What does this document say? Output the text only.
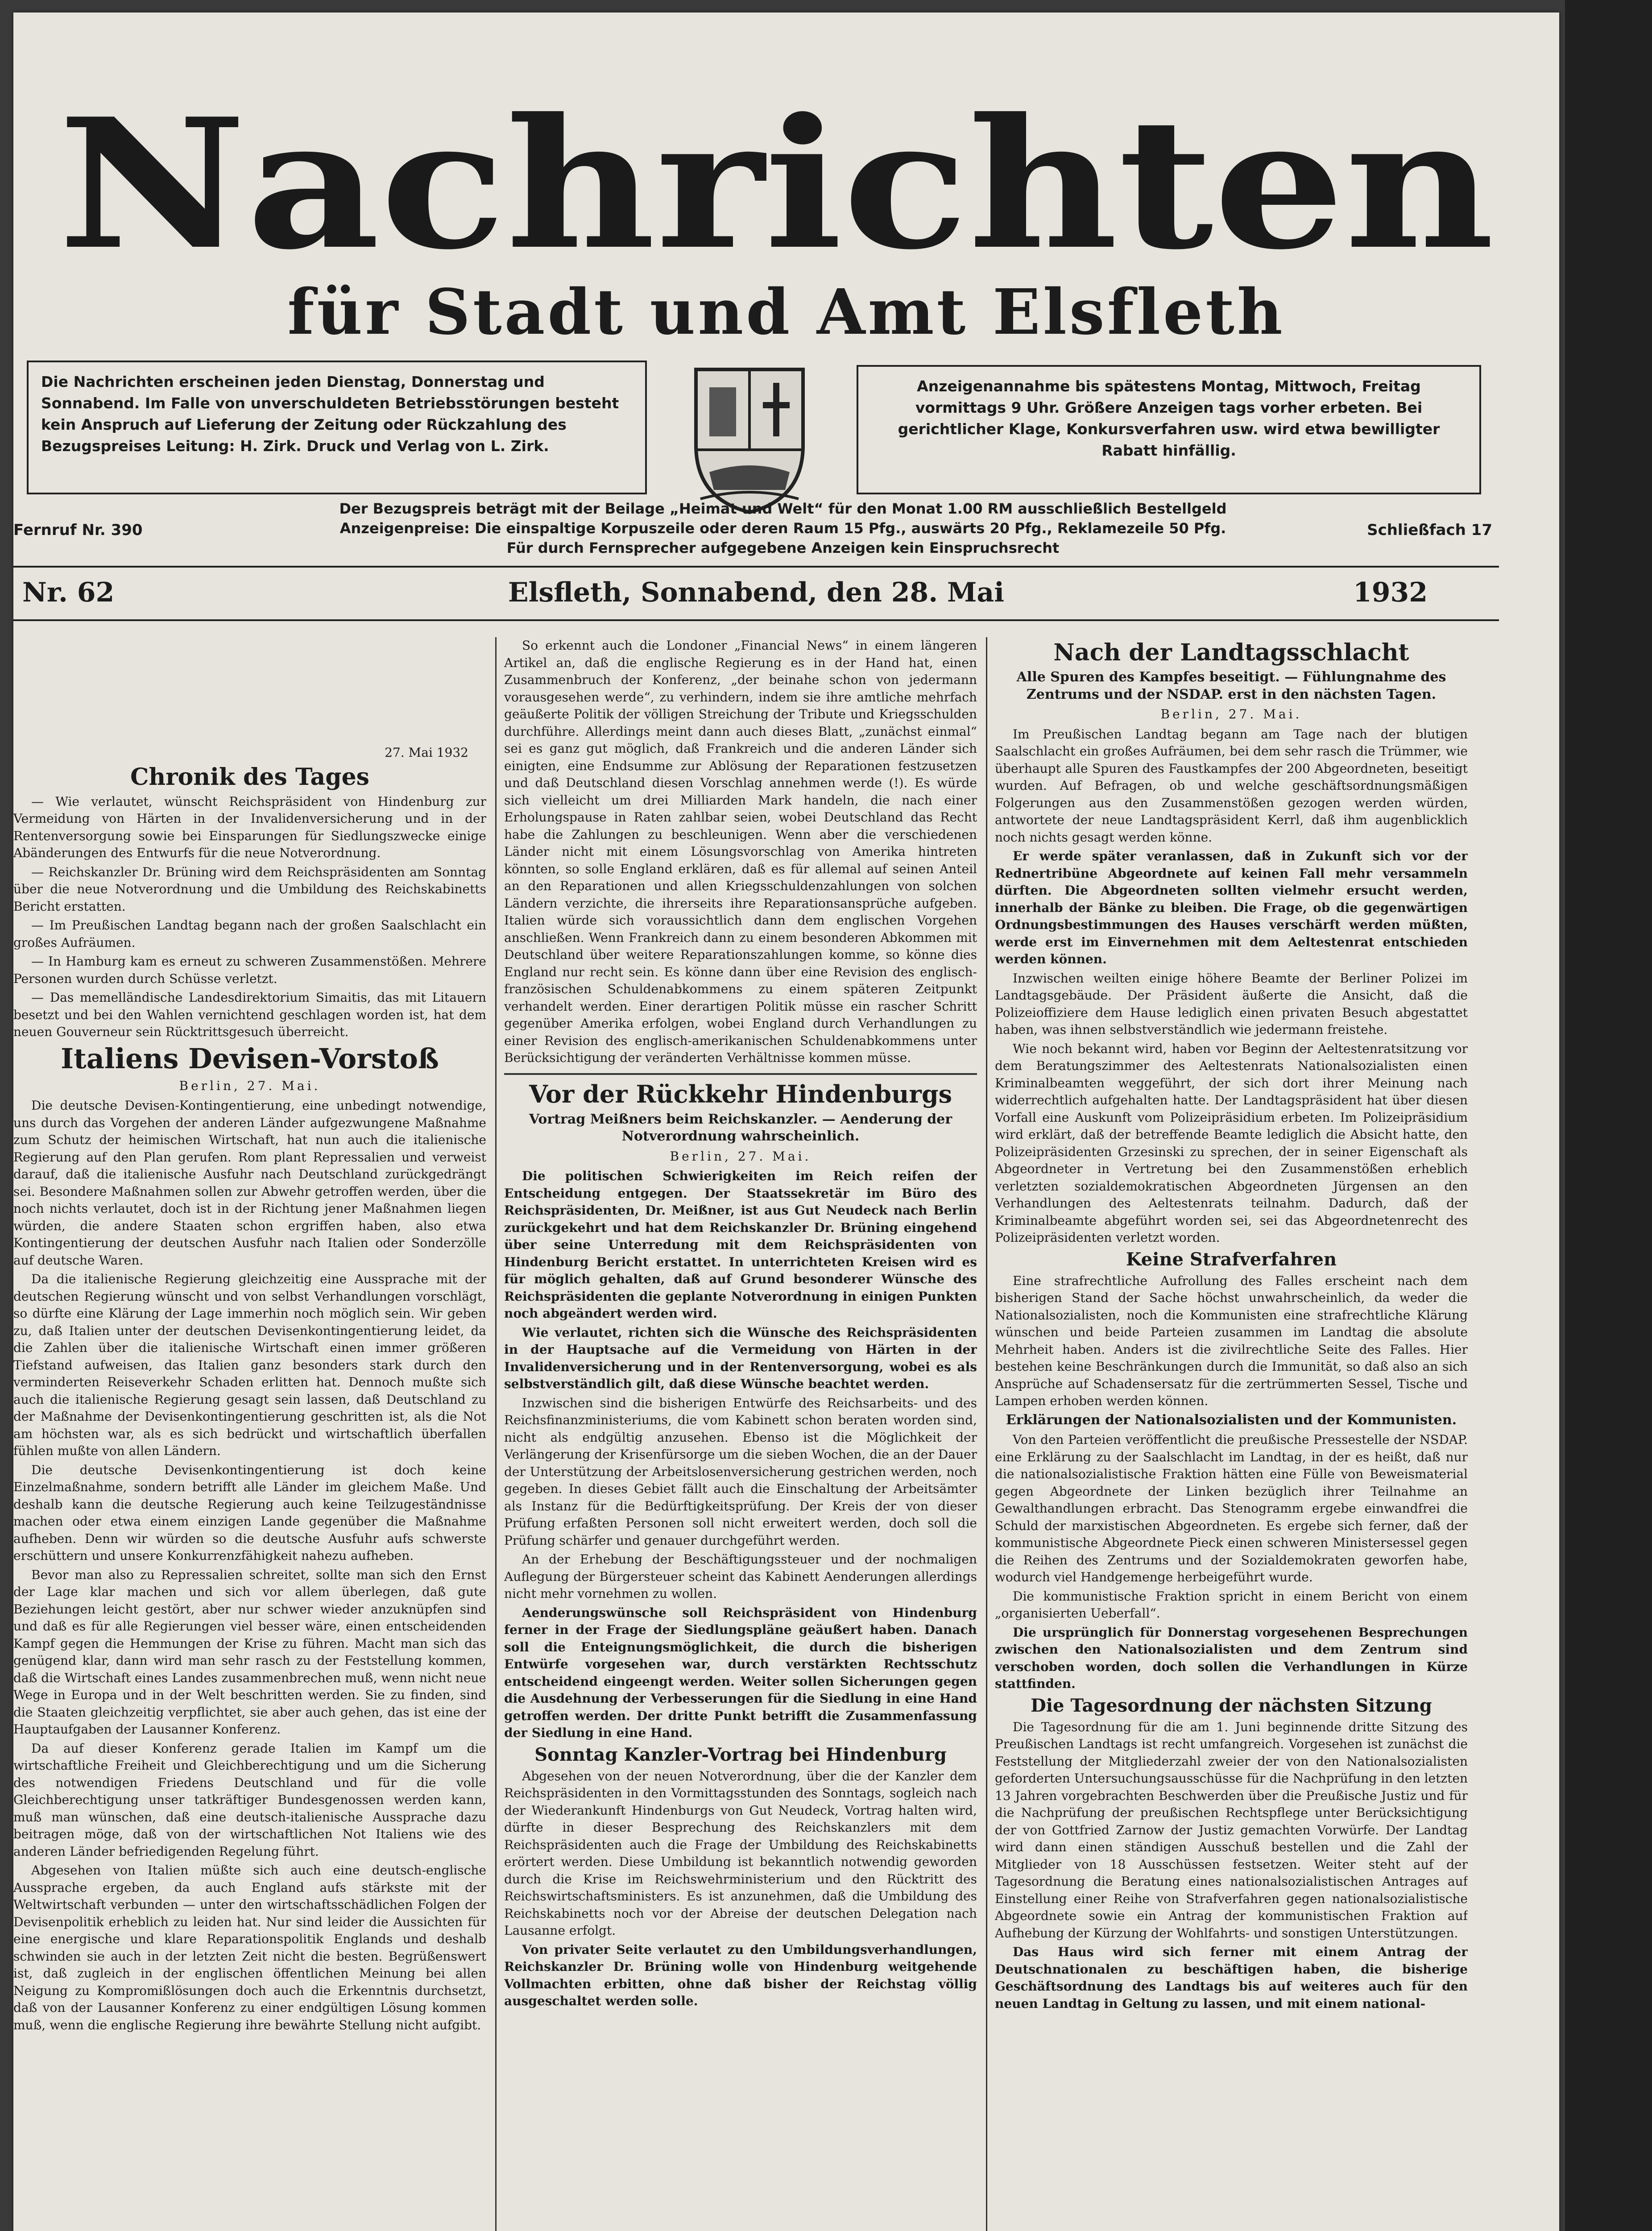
Nachrichten
für Stadt und Amt Elsfleth
Die Nachrichten erscheinen jeden Dienstag, Donnerstag und Sonnabend. Im Falle von unverschuldeten Betriebsstörungen besteht kein Anspruch auf Lieferung der Zeitung oder Rückzahlung des Bezugspreises Leitung: H. Zirk. Druck und Verlag von L. Zirk.
Anzeigenannahme bis spätestens Montag, Mittwoch, Freitag vormittags 9 Uhr. Größere Anzeigen tags vorher erbeten. Bei gerichtlicher Klage, Konkursverfahren usw. wird etwa bewilligter Rabatt hinfällig.
Der Bezugspreis beträgt mit der Beilage „Heimat und Welt“ für den Monat 1.00 RM ausschließlich Bestellgeld
Anzeigenpreise: Die einspaltige Korpuszeile oder deren Raum 15 Pfg., auswärts 20 Pfg., Reklamezeile 50 Pfg.
Für durch Fernsprecher aufgegebene Anzeigen kein Einspruchsrecht
Fernruf Nr. 390	Schließfach 17
Nr. 62	Elsfleth, Sonnabend, den 28. Mai	1932
27. Mai 1932
Chronik des Tages

— Wie verlautet, wünscht Reichspräsident von Hindenburg zur Vermeidung von Härten in der Invalidenversicherung und in der Rentenversorgung sowie bei Einsparungen für Siedlungszwecke einige Abänderungen des Entwurfs für die neue Notverordnung.

— Reichskanzler Dr. Brüning wird dem Reichspräsidenten am Sonntag über die neue Notverordnung und die Umbildung des Reichskabinetts Bericht erstatten.

— Im Preußischen Landtag begann nach der großen Saalschlacht ein großes Aufräumen.

— In Hamburg kam es erneut zu schweren Zusammenstößen. Mehrere Personen wurden durch Schüsse verletzt.

— Das memelländische Landesdirektorium Simaitis, das mit Litauern besetzt und bei den Wahlen vernichtend geschlagen worden ist, hat dem neuen Gouverneur sein Rücktrittsgesuch überreicht.

Italiens Devisen-Vorstoß
Berlin, 27. Mai.

Die deutsche Devisen-Kontingentierung, eine unbedingt notwendige, uns durch das Vorgehen der anderen Länder aufgezwungene Maßnahme zum Schutz der heimischen Wirtschaft, hat nun auch die italienische Regierung auf den Plan gerufen. Rom plant Repressalien und verweist darauf, daß die italienische Ausfuhr nach Deutschland zurückgedrängt sei. Besondere Maßnahmen sollen zur Abwehr getroffen werden, über die noch nichts verlautet, doch ist in der Richtung jener Maßnahmen liegen würden, die andere Staaten schon ergriffen haben, also etwa Kontingentierung der deutschen Ausfuhr nach Italien oder Sonderzölle auf deutsche Waren.

Da die italienische Regierung gleichzeitig eine Aussprache mit der deutschen Regierung wünscht und von selbst Verhandlungen vorschlägt, so dürfte eine Klärung der Lage immerhin noch möglich sein. Wir geben zu, daß Italien unter der deutschen Devisenkontingentierung leidet, da die Zahlen über die italienische Wirtschaft einen immer größeren Tiefstand aufweisen, das Italien ganz besonders stark durch den verminderten Reiseverkehr Schaden erlitten hat. Dennoch mußte sich auch die italienische Regierung gesagt sein lassen, daß Deutschland zu der Maßnahme der Devisenkontingentierung geschritten ist, als die Not am höchsten war, als es sich bedrückt und wirtschaftlich überfallen fühlen mußte von allen Ländern.

Die deutsche Devisenkontingentierung ist doch keine Einzelmaßnahme, sondern betrifft alle Länder im gleichem Maße. Und deshalb kann die deutsche Regierung auch keine Teilzugeständnisse machen oder etwa einem einzigen Lande gegenüber die Maßnahme aufheben. Denn wir würden so die deutsche Ausfuhr aufs schwerste erschüttern und unsere Konkurrenzfähigkeit nahezu aufheben.

Bevor man also zu Repressalien schreitet, sollte man sich den Ernst der Lage klar machen und sich vor allem überlegen, daß gute Beziehungen leicht gestört, aber nur schwer wieder anzuknüpfen sind und daß es für alle Regierungen viel besser wäre, einen entscheidenden Kampf gegen die Hemmungen der Krise zu führen. Macht man sich das genügend klar, dann wird man sehr rasch zu der Feststellung kommen, daß die Wirtschaft eines Landes zusammenbrechen muß, wenn nicht neue Wege in Europa und in der Welt beschritten werden. Sie zu finden, sind die Staaten gleichzeitig verpflichtet, sie aber auch gehen, das ist eine der Hauptaufgaben der Lausanner Konferenz.

Da auf dieser Konferenz gerade Italien im Kampf um die wirtschaftliche Freiheit und Gleichberechtigung und um die Sicherung des notwendigen Friedens Deutschland und für die volle Gleichberechtigung unser tatkräftiger Bundesgenossen werden kann, muß man wünschen, daß eine deutsch-italienische Aussprache dazu beitragen möge, daß von der wirtschaftlichen Not Italiens wie des anderen Länder befriedigenden Regelung führt.

Abgesehen von Italien müßte sich auch eine deutsch-englische Aussprache ergeben, da auch England aufs stärkste mit der Weltwirtschaft verbunden — unter den wirtschaftsschädlichen Folgen der Devisenpolitik erheblich zu leiden hat. Nur sind leider die Aussichten für eine energische und klare Reparationspolitik Englands und deshalb schwinden sie auch in der letzten Zeit nicht die besten. Begrüßenswert ist, daß zugleich in der englischen öffentlichen Meinung bei allen Neigung zu Kompromißlösungen doch auch die Erkenntnis durchsetzt, daß von der Lausanner Konferenz zu einer endgültigen Lösung kommen muß, wenn die englische Regierung ihre bewährte Stellung nicht aufgibt.

So erkennt auch die Londoner „Financial News“ in einem längeren Artikel an, daß die englische Regierung es in der Hand hat, einen Zusammenbruch der Konferenz, „der beinahe schon von jedermann vorausgesehen werde“, zu verhindern, indem sie ihre amtliche mehrfach geäußerte Politik der völligen Streichung der Tribute und Kriegsschulden durchführe. Allerdings meint dann auch dieses Blatt, „zunächst einmal“ sei es ganz gut möglich, daß Frankreich und die anderen Länder sich einigten, eine Endsumme zur Ablösung der Reparationen festzusetzen und daß Deutschland diesen Vorschlag annehmen werde (!). Es würde sich vielleicht um drei Milliarden Mark handeln, die nach einer Erholungspause in Raten zahlbar seien, wobei Deutschland das Recht habe die Zahlungen zu beschleunigen. Wenn aber die verschiedenen Länder nicht mit einem Lösungsvorschlag von Amerika hintreten könnten, so solle England erklären, daß es für allemal auf seinen Anteil an den Reparationen und allen Kriegsschuldenzahlungen von solchen Ländern verzichte, die ihrerseits ihre Reparationsansprüche aufgeben. Italien würde sich voraussichtlich dann dem englischen Vorgehen anschließen. Wenn Frankreich dann zu einem besonderen Abkommen mit Deutschland über weitere Reparationszahlungen komme, so könne dies England nur recht sein. Es könne dann über eine Revision des englisch-französischen Schuldenabkommens zu einem späteren Zeitpunkt verhandelt werden. Einer derartigen Politik müsse ein rascher Schritt gegenüber Amerika erfolgen, wobei England durch Verhandlungen zu einer Revision des englisch-amerikanischen Schuldenabkommens unter Berücksichtigung der veränderten Verhältnisse kommen müsse.

Vor der Rückkehr Hindenburgs
Vortrag Meißners beim Reichskanzler. — Aenderung der Notverordnung wahrscheinlich.
Berlin, 27. Mai.

Die politischen Schwierigkeiten im Reich reifen der Entscheidung entgegen. Der Staatssekretär im Büro des Reichspräsidenten, Dr. Meißner, ist aus Gut Neudeck nach Berlin zurückgekehrt und hat dem Reichskanzler Dr. Brüning eingehend über seine Unterredung mit dem Reichspräsidenten von Hindenburg Bericht erstattet. In unterrichteten Kreisen wird es für möglich gehalten, daß auf Grund besonderer Wünsche des Reichspräsidenten die geplante Notverordnung in einigen Punkten noch abgeändert werden wird.

Wie verlautet, richten sich die Wünsche des Reichspräsidenten in der Hauptsache auf die Vermeidung von Härten in der Invalidenversicherung und in der Rentenversorgung, wobei es als selbstverständlich gilt, daß diese Wünsche beachtet werden.

Inzwischen sind die bisherigen Entwürfe des Reichsarbeits- und des Reichsfinanzministeriums, die vom Kabinett schon beraten worden sind, nicht als endgültig anzusehen. Ebenso ist die Möglichkeit der Verlängerung der Krisenfürsorge um die sieben Wochen, die an der Dauer der Unterstützung der Arbeitslosenversicherung gestrichen werden, noch gegeben. In dieses Gebiet fällt auch die Einschaltung der Arbeitsämter als Instanz für die Bedürftigkeitsprüfung. Der Kreis der von dieser Prüfung erfaßten Personen soll nicht erweitert werden, doch soll die Prüfung schärfer und genauer durchgeführt werden.

An der Erhebung der Beschäftigungssteuer und der nochmaligen Auflegung der Bürgersteuer scheint das Kabinett Aenderungen allerdings nicht mehr vornehmen zu wollen.

Aenderungswünsche soll Reichspräsident von Hindenburg ferner in der Frage der Siedlungspläne geäußert haben. Danach soll die Enteignungsmöglichkeit, die durch die bisherigen Entwürfe vorgesehen war, durch verstärkten Rechtsschutz entscheidend eingeengt werden. Weiter sollen Sicherungen gegen die Ausdehnung der Verbesserungen für die Siedlung in eine Hand getroffen werden. Der dritte Punkt betrifft die Zusammenfassung der Siedlung in eine Hand.

Sonntag Kanzler-Vortrag bei Hindenburg

Abgesehen von der neuen Notverordnung, über die der Kanzler dem Reichspräsidenten in den Vormittagsstunden des Sonntags, sogleich nach der Wiederankunft Hindenburgs von Gut Neudeck, Vortrag halten wird, dürfte in dieser Besprechung des Reichskanzlers mit dem Reichspräsidenten auch die Frage der Umbildung des Reichskabinetts erörtert werden. Diese Umbildung ist bekanntlich notwendig geworden durch die Krise im Reichswehrministerium und den Rücktritt des Reichswirtschaftsministers. Es ist anzunehmen, daß die Umbildung des Reichskabinetts noch vor der Abreise der deutschen Delegation nach Lausanne erfolgt.

Von privater Seite verlautet zu den Umbildungsverhandlungen, Reichskanzler Dr. Brüning wolle von Hindenburg weitgehende Vollmachten erbitten, ohne daß bisher der Reichstag völlig ausgeschaltet werden solle.

Nach der Landtagsschlacht
Alle Spuren des Kampfes beseitigt. — Fühlungnahme des Zentrums und der NSDAP. erst in den nächsten Tagen.
Berlin, 27. Mai.

Im Preußischen Landtag begann am Tage nach der blutigen Saalschlacht ein großes Aufräumen, bei dem sehr rasch die Trümmer, wie überhaupt alle Spuren des Faustkampfes der 200 Abgeordneten, beseitigt wurden. Auf Befragen, ob und welche geschäftsordnungsmäßigen Folgerungen aus den Zusammenstößen gezogen werden würden, antwortete der neue Landtagspräsident Kerrl, daß ihm augenblicklich noch nichts gesagt werden könne.

Er werde später veranlassen, daß in Zukunft sich vor der Rednertribüne Abgeordnete auf keinen Fall mehr versammeln dürften. Die Abgeordneten sollten vielmehr ersucht werden, innerhalb der Bänke zu bleiben. Die Frage, ob die gegenwärtigen Ordnungsbestimmungen des Hauses verschärft werden müßten, werde erst im Einvernehmen mit dem Aeltestenrat entschieden werden können.

Inzwischen weilten einige höhere Beamte der Berliner Polizei im Landtagsgebäude. Der Präsident äußerte die Ansicht, daß die Polizeioffiziere dem Hause lediglich einen privaten Besuch abgestattet haben, was ihnen selbstverständlich wie jedermann freistehe.

Wie noch bekannt wird, haben vor Beginn der Aeltestenratsitzung vor dem Beratungszimmer des Aeltestenrats Nationalsozialisten einen Kriminalbeamten weggeführt, der sich dort ihrer Meinung nach widerrechtlich aufgehalten hatte. Der Landtagspräsident hat über diesen Vorfall eine Auskunft vom Polizeipräsidium erbeten. Im Polizeipräsidium wird erklärt, daß der betreffende Beamte lediglich die Absicht hatte, den Polizeipräsidenten Grzesinski zu sprechen, der in seiner Eigenschaft als Abgeordneter in Vertretung bei den Zusammenstößen erheblich verletzten sozialdemokratischen Abgeordneten Jürgensen an den Verhandlungen des Aeltestenrats teilnahm. Dadurch, daß der Kriminalbeamte abgeführt worden sei, sei das Abgeordnetenrecht des Polizeipräsidenten verletzt worden.

Keine Strafverfahren

Eine strafrechtliche Aufrollung des Falles erscheint nach dem bisherigen Stand der Sache höchst unwahrscheinlich, da weder die Nationalsozialisten, noch die Kommunisten eine strafrechtliche Klärung wünschen und beide Parteien zusammen im Landtag die absolute Mehrheit haben. Anders ist die zivilrechtliche Seite des Falles. Hier bestehen keine Beschränkungen durch die Immunität, so daß also an sich Ansprüche auf Schadensersatz für die zertrümmerten Sessel, Tische und Lampen erhoben werden können.

Erklärungen der Nationalsozialisten und der Kommunisten.

Von den Parteien veröffentlicht die preußische Pressestelle der NSDAP. eine Erklärung zu der Saalschlacht im Landtag, in der es heißt, daß nur die nationalsozialistische Fraktion hätten eine Fülle von Beweismaterial gegen Abgeordnete der Linken bezüglich ihrer Teilnahme an Gewalthandlungen erbracht. Das Stenogramm ergebe einwandfrei die Schuld der marxistischen Abgeordneten. Es ergebe sich ferner, daß der kommunistische Abgeordnete Pieck einen schweren Ministersessel gegen die Reihen des Zentrums und der Sozialdemokraten geworfen habe, wodurch viel Handgemenge herbeigeführt wurde.

Die kommunistische Fraktion spricht in einem Bericht von einem „organisierten Ueberfall“.

Die ursprünglich für Donnerstag vorgesehenen Besprechungen zwischen den Nationalsozialisten und dem Zentrum sind verschoben worden, doch sollen die Verhandlungen in Kürze stattfinden.

Die Tagesordnung der nächsten Sitzung

Die Tagesordnung für die am 1. Juni beginnende dritte Sitzung des Preußischen Landtags ist recht umfangreich. Vorgesehen ist zunächst die Feststellung der Mitgliederzahl zweier der von den Nationalsozialisten geforderten Untersuchungsausschüsse für die Nachprüfung in den letzten 13 Jahren vorgebrachten Beschwerden über die Preußische Justiz und für die Nachprüfung der preußischen Rechtspflege unter Berücksichtigung der von Gottfried Zarnow der Justiz gemachten Vorwürfe. Der Landtag wird dann einen ständigen Ausschuß bestellen und die Zahl der Mitglieder von 18 Ausschüssen festsetzen. Weiter steht auf der Tagesordnung die Beratung eines nationalsozialistischen Antrages auf Einstellung einer Reihe von Strafverfahren gegen nationalsozialistische Abgeordnete sowie ein Antrag der kommunistischen Fraktion auf Aufhebung der Kürzung der Wohlfahrts- und sonstigen Unterstützungen.

Das Haus wird sich ferner mit einem Antrag der Deutschnationalen zu beschäftigen haben, die bisherige Geschäftsordnung des Landtags bis auf weiteres auch für den neuen Landtag in Geltung zu lassen, und mit einem national-
